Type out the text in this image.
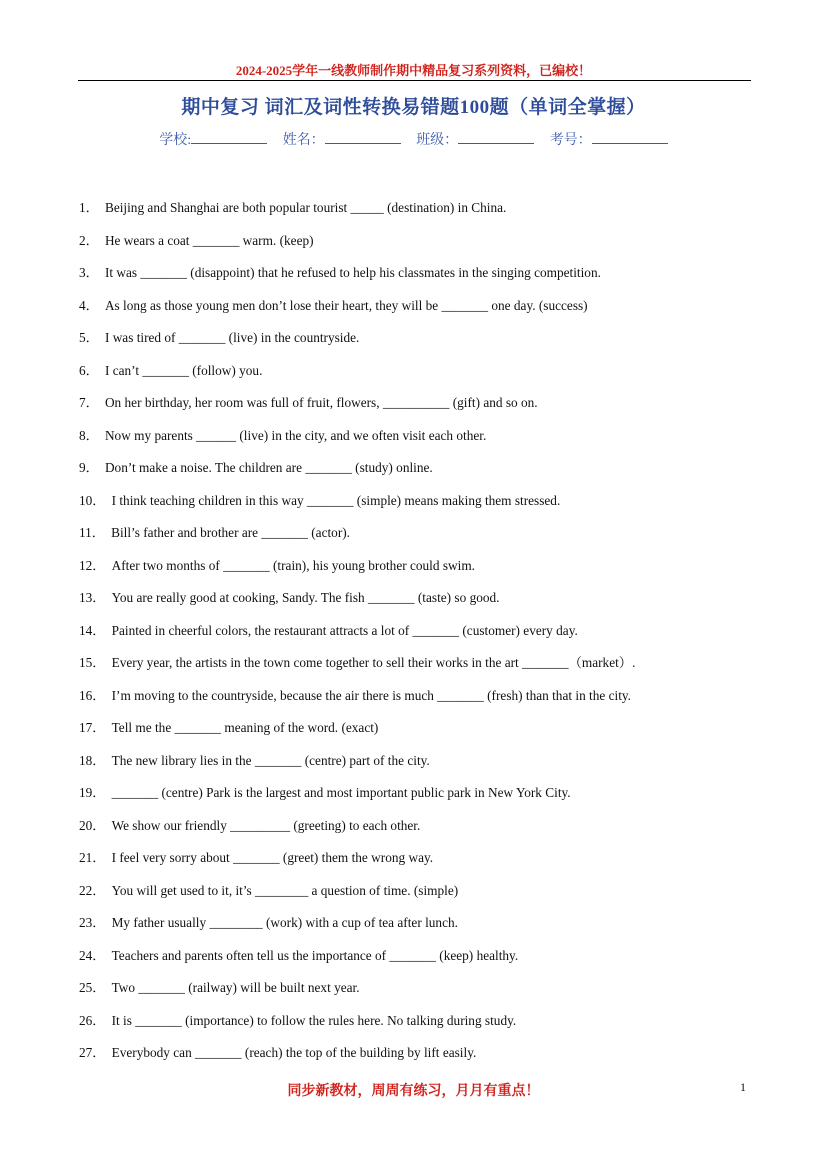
2024-2025学年一线教师制作期中精品复习系列资料，已编校！
期中复习 词汇及词性转换易错题100题（单词全掌握）
学校:	姓名：	班级：	考号：
1． Beijing and Shanghai are both popular tourist _____ (destination) in China.
2． He wears a coat _______ warm. (keep)
3． It was _______ (disappoint) that he refused to help his classmates in the singing competition.
4． As long as those young men don’t lose their heart, they will be _______ one day. (success)
5． I was tired of _______ (live) in the countryside.
6． I can’t _______ (follow) you.
7． On her birthday, her room was full of fruit, flowers, __________ (gift) and so on.
8． Now my parents ______ (live) in the city, and we often visit each other.
9． Don’t make a noise. The children are _______ (study) online.
10． I think teaching children in this way _______ (simple) means making them stressed.
11． Bill’s father and brother are _______ (actor).
12． After two months of _______ (train), his young brother could swim.
13． You are really good at cooking, Sandy. The fish _______ (taste) so good.
14． Painted in cheerful colors, the restaurant attracts a lot of _______ (customer) every day.
15． Every year, the artists in the town come together to sell their works in the art _______（market）.
16． I’m moving to the countryside, because the air there is much _______ (fresh) than that in the city.
17． Tell me the _______ meaning of the word. (exact)
18． The new library lies in the _______ (centre) part of the city.
19． _______ (centre) Park is the largest and most important public park in New York City.
20． We show our friendly _________ (greeting) to each other.
21． I feel very sorry about _______ (greet) them the wrong way.
22． You will get used to it, it’s ________ a question of time. (simple)
23． My father usually ________ (work) with a cup of tea after lunch.
24． Teachers and parents often tell us the importance of _______ (keep) healthy.
25． Two _______ (railway) will be built next year.
26． It is _______ (importance) to follow the rules here. No talking during study.
27． Everybody can _______ (reach) the top of the building by lift easily.
同步新教材，周周有练习，月月有重点！	1
